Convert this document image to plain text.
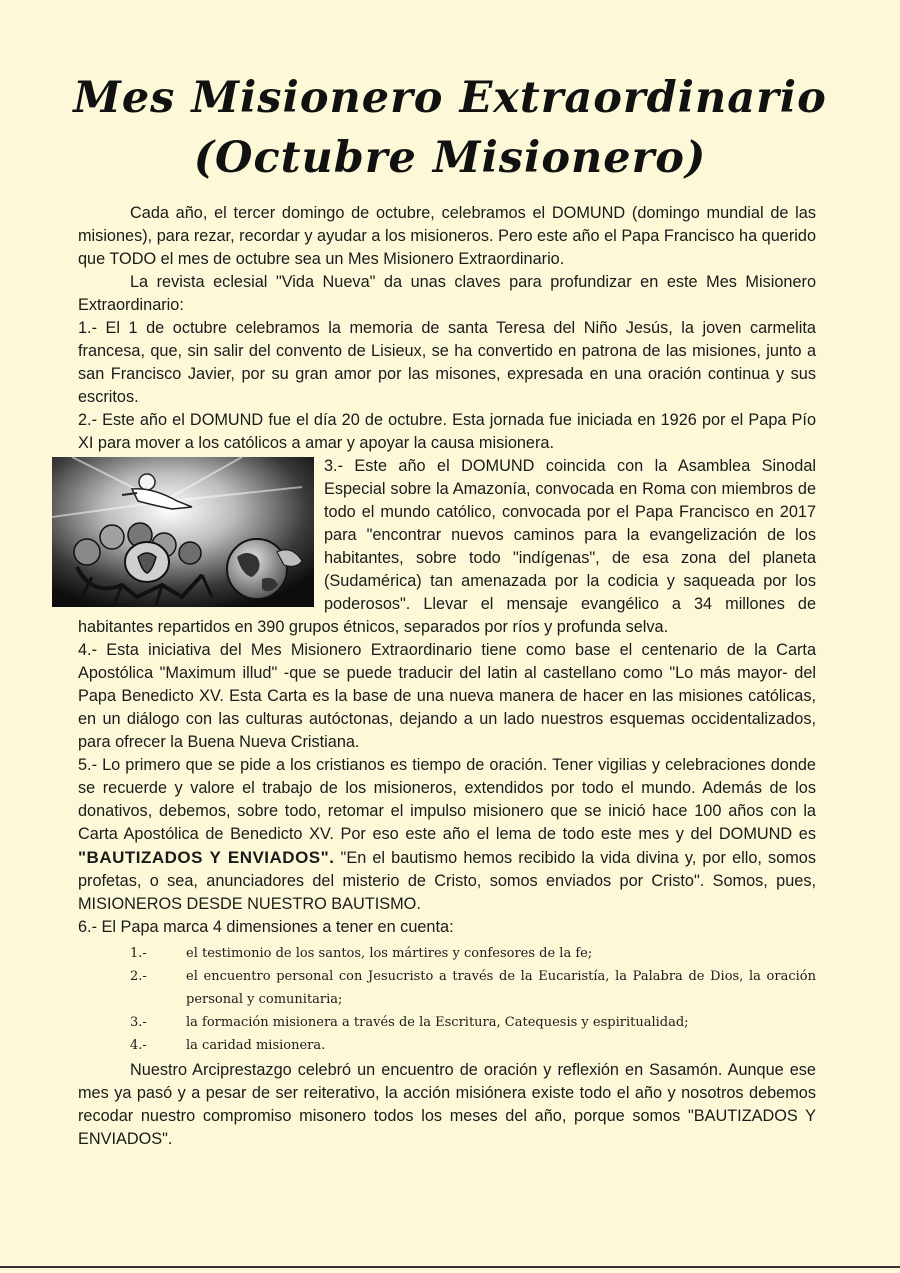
Mes Misionero Extraordinario
(Octubre Misionero)

Cada año, el tercer domingo de octubre, celebramos el DOMUND (domingo mundial de las misiones), para rezar, recordar y ayudar a los misioneros. Pero este año el Papa Francisco ha querido que TODO el mes de octubre sea un Mes Misionero Extraordinario.

La revista eclesial "Vida Nueva" da unas claves para profundizar en este Mes Misionero Extraordinario:

1.- El 1 de octubre celebramos la memoria de santa Teresa del Niño Jesús, la joven carmelita francesa, que, sin salir del convento de Lisieux, se ha convertido en patrona de las misiones, junto a san Francisco Javier, por su gran amor por las misones, expresada en una oración continua y sus escritos.

2.- Este año el DOMUND fue el día 20 de octubre. Esta jornada fue iniciada en 1926 por el Papa Pío XI para mover a los católicos a amar y apoyar la causa misionera.

Mañe

3.- Este año el DOMUND coincida con la Asamblea Sinodal Especial sobre la Amazonía, convocada en Roma con miembros de todo el mundo católico, convocada por el Papa Francisco en 2017 para "encontrar nuevos caminos para la evangelización de los habitantes, sobre todo "indígenas", de esa zona del planeta (Sudamérica) tan amenazada por la codicia y saqueada por los poderosos". Llevar el mensaje evangélico a 34 millones de habitantes repartidos en 390 grupos étnicos, separados por ríos y profunda selva.

4.- Esta iniciativa del Mes Misionero Extraordinario tiene como base el centenario de la Carta Apostólica "Maximum illud" -que se puede traducir del latin al castellano como "Lo más mayor- del Papa Benedicto XV. Esta Carta es la base de una nueva manera de hacer en las misiones católicas, en un diálogo con las culturas autóctonas, dejando a un lado nuestros esquemas occidentalizados, para ofrecer la Buena Nueva Cristiana.

5.- Lo primero que se pide a los cristianos es tiempo de oración. Tener vigilias y celebraciones donde se recuerde y valore el trabajo de los misioneros, extendidos por todo el mundo. Además de los donativos, debemos, sobre todo, retomar el impulso misionero que se inició hace 100 años con la Carta Apostólica de Benedicto XV. Por eso este año el lema de todo este mes y del DOMUND es "BAUTIZADOS Y ENVIADOS". "En el bautismo hemos recibido la vida divina y, por ello, somos profetas, o sea, anunciadores del misterio de Cristo, somos enviados por Cristo". Somos, pues, MISIONEROS DESDE NUESTRO BAUTISMO.

6.- El Papa marca 4 dimensiones a tener en cuenta:

1.-	el testimonio de los santos, los mártires y confesores de la fe;
2.-	el encuentro personal con Jesucristo a través de la Eucaristía, la Palabra de Dios, la oración personal y comunitaria;
3.-	la formación misionera a través de la Escritura, Catequesis y espiritualidad;
4.-	la caridad misionera.

Nuestro Arciprestazgo celebró un encuentro de oración y reflexión en Sasamón. Aunque ese mes ya pasó y a pesar de ser reiterativo, la acción misiónera existe todo el año y nosotros debemos recodar nuestro compromiso misonero todos los meses del año, porque somos "BAUTIZADOS Y ENVIADOS".
